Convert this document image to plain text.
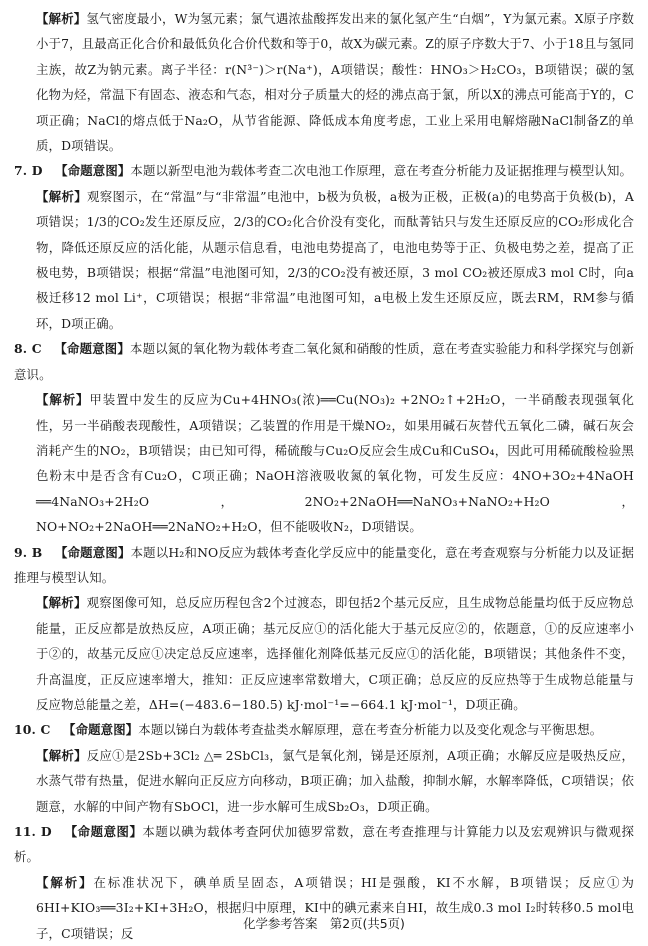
【解析】氢气密度最小，W为氢元素；氯气遇浓盐酸挥发出来的氯化氢产生“白烟”，Y为氯元素。X原子序数小于7，且最高正化合价和最低负化合价代数和等于0，故X为碳元素。Z的原子序数大于7、小于18且与氢同主族，故Z为钠元素。离子半径：r(N³⁻)＞r(Na⁺)，A项错误；酸性：HNO₃＞H₂CO₃，B项错误；碳的氢化物为烃，常温下有固态、液态和气态，相对分子质量大的烃的沸点高于氯，所以X的沸点可能高于Y的，C项正确；NaCl的熔点低于Na₂O，从节省能源、降低成本角度考虑，工业上采用电解熔融NaCl制备Z的单质，D项错误。

7. D  【命题意图】本题以新型电池为载体考查二次电池工作原理，意在考查分析能力及证据推理与模型认知。

【解析】观察图示，在“常温”与“非常温”电池中，b极为负极，a极为正极，正极(a)的电势高于负极(b)，A项错误；1/3的CO₂发生还原反应，2/3的CO₂化合价没有变化，而酞菁钴只与发生还原反应的CO₂形成化合物，降低还原反应的活化能，从题示信息看，电池电势提高了，电池电势等于正、负极电势之差，提高了正极电势，B项错误；根据“常温”电池图可知，2/3的CO₂没有被还原，3 mol CO₂被还原成3 mol C时，向a极迁移12 mol Li⁺，C项错误；根据“非常温”电池图可知，a电极上发生还原反应，既去RM，RM参与循环，D项正确。

8. C  【命题意图】本题以氮的氧化物为载体考查二氧化氮和硝酸的性质，意在考查实验能力和科学探究与创新意识。

【解析】甲装置中发生的反应为Cu+4HNO₃(浓)══Cu(NO₃)₂ +2NO₂↑+2H₂O，一半硝酸表现强氧化性，另一半硝酸表现酸性，A项错误；乙装置的作用是干燥NO₂，如果用碱石灰替代五氧化二磷，碱石灰会消耗产生的NO₂，B项错误；由已知可得，稀硫酸与Cu₂O反应会生成Cu和CuSO₄，因此可用稀硫酸检验黑色粉末中是否含有Cu₂O，C项正确；NaOH溶液吸收氮的氧化物，可发生反应：4NO+3O₂+4NaOH ══4NaNO₃+2H₂O，2NO₂+2NaOH══NaNO₃+NaNO₂+H₂O，NO+NO₂+2NaOH══2NaNO₂+H₂O，但不能吸收N₂，D项错误。

9. B  【命题意图】本题以H₂和NO反应为载体考查化学反应中的能量变化，意在考查观察与分析能力以及证据推理与模型认知。

【解析】观察图像可知，总反应历程包含2个过渡态，即包括2个基元反应，且生成物总能量均低于反应物总能量，正反应都是放热反应，A项正确；基元反应①的活化能大于基元反应②的，依题意，①的反应速率小于②的，故基元反应①决定总反应速率，选择催化剂降低基元反应①的活化能，B项错误；其他条件不变，升高温度，正反应速率增大，推知：正反应速率常数增大，C项正确；总反应的反应热等于生成物总能量与反应物总能量之差，ΔH=(−483.6−180.5) kJ·mol⁻¹=−664.1 kJ·mol⁻¹，D项正确。

10. C  【命题意图】本题以锑白为载体考查盐类水解原理，意在考查分析能力以及变化观念与平衡思想。

【解析】反应①是2Sb+3Cl₂ △═ 2SbCl₃，氯气是氧化剂，锑是还原剂，A项正确；水解反应是吸热反应，水蒸气带有热量，促进水解向正反应方向移动，B项正确；加入盐酸，抑制水解，水解率降低，C项错误；依题意，水解的中间产物有SbOCl，进一步水解可生成Sb₂O₃，D项正确。

11. D  【命题意图】本题以碘为载体考查阿伏加德罗常数，意在考查推理与计算能力以及宏观辨识与微观探析。

【解析】在标准状况下，碘单质呈固态，A项错误；HI是强酸，KI不水解，B项错误；反应①为6HI+KIO₃══3I₂+KI+3H₂O，根据归中原理，KI中的碘元素来自HI，故生成0.3 mol I₂时转移0.5 mol电子，C项错误；反

化学参考答案　第2页(共5页)
